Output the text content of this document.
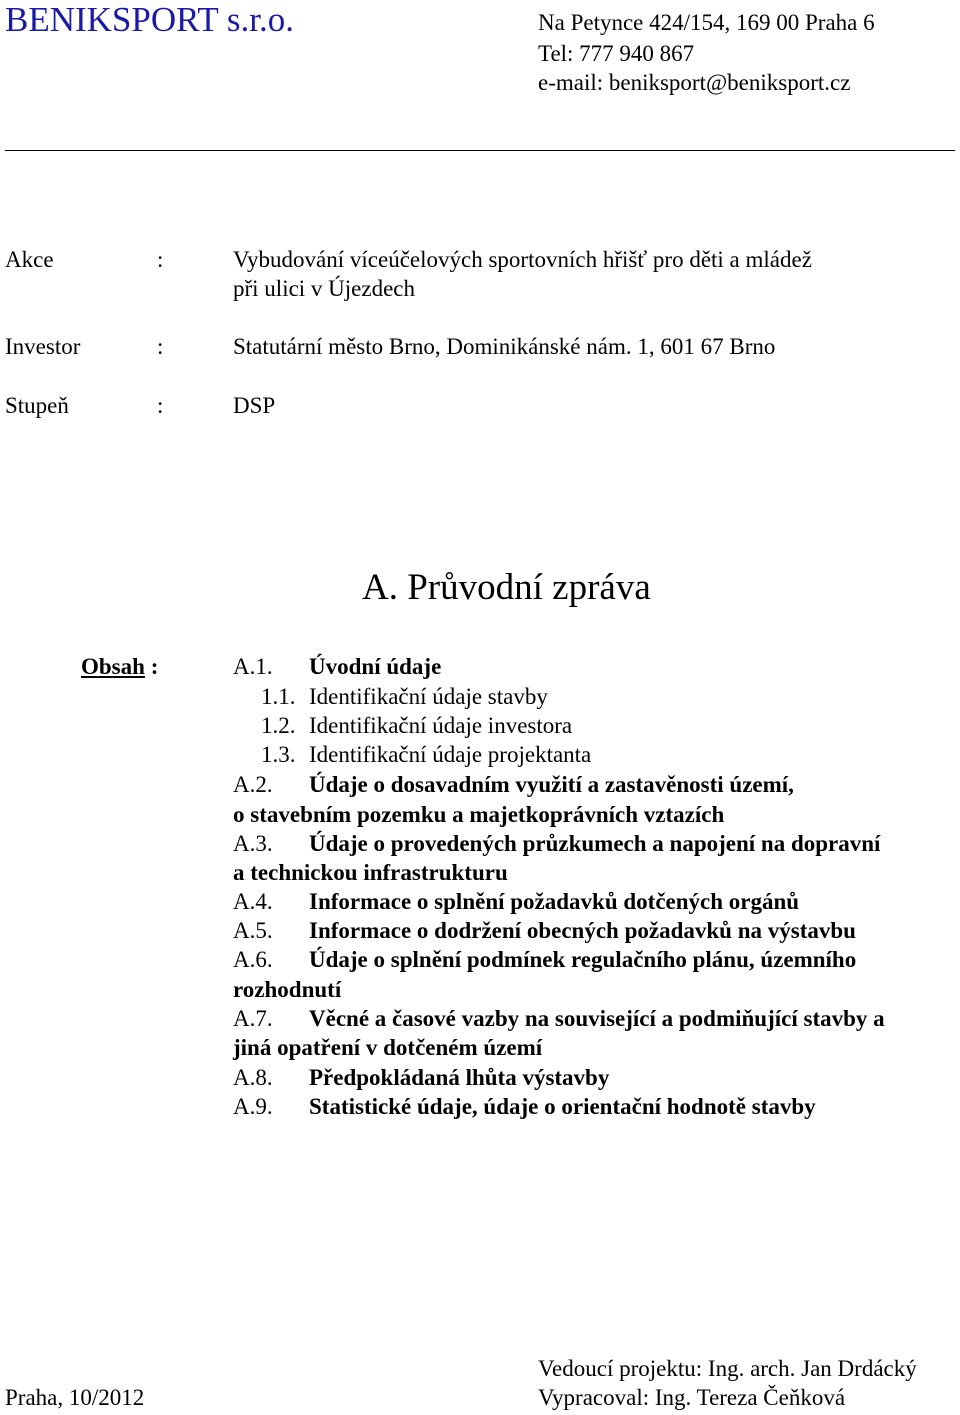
BENIKSPORT s.r.o.	Na Petynce 424/154, 169 00 Praha 6
Tel: 777 940 867
e-mail: beniksport@beniksport.cz
Akce	:	Vybudování víceúčelových sportovních hřišť pro děti a mládež
při ulici v Újezdech
Investor	:	Statutární město Brno, Dominikánské nám. 1, 601 67 Brno
Stupeň	:	DSP
A. Průvodní zpráva
Obsah :	A.1. Úvodní údaje
1.1. Identifikační údaje stavby
1.2. Identifikační údaje investora
1.3. Identifikační údaje projektanta
A.2. Údaje o dosavadním využití a zastavěnosti území,
o stavebním pozemku a majetkoprávních vztazích
A.3. Údaje o provedených průzkumech a napojení na dopravní
a technickou infrastrukturu
A.4. Informace o splnění požadavků dotčených orgánů
A.5. Informace o dodržení obecných požadavků na výstavbu
A.6. Údaje o splnění podmínek regulačního plánu, územního
rozhodnutí
A.7. Věcné a časové vazby na související a podmiňující stavby a
jiná opatření v dotčeném území
A.8. Předpokládaná lhůta výstavby
A.9. Statistické údaje, údaje o orientační hodnotě stavby
Vedoucí projektu: Ing. arch. Jan Drdácký
Praha, 10/2012	Vypracoval: Ing. Tereza Čeňková
